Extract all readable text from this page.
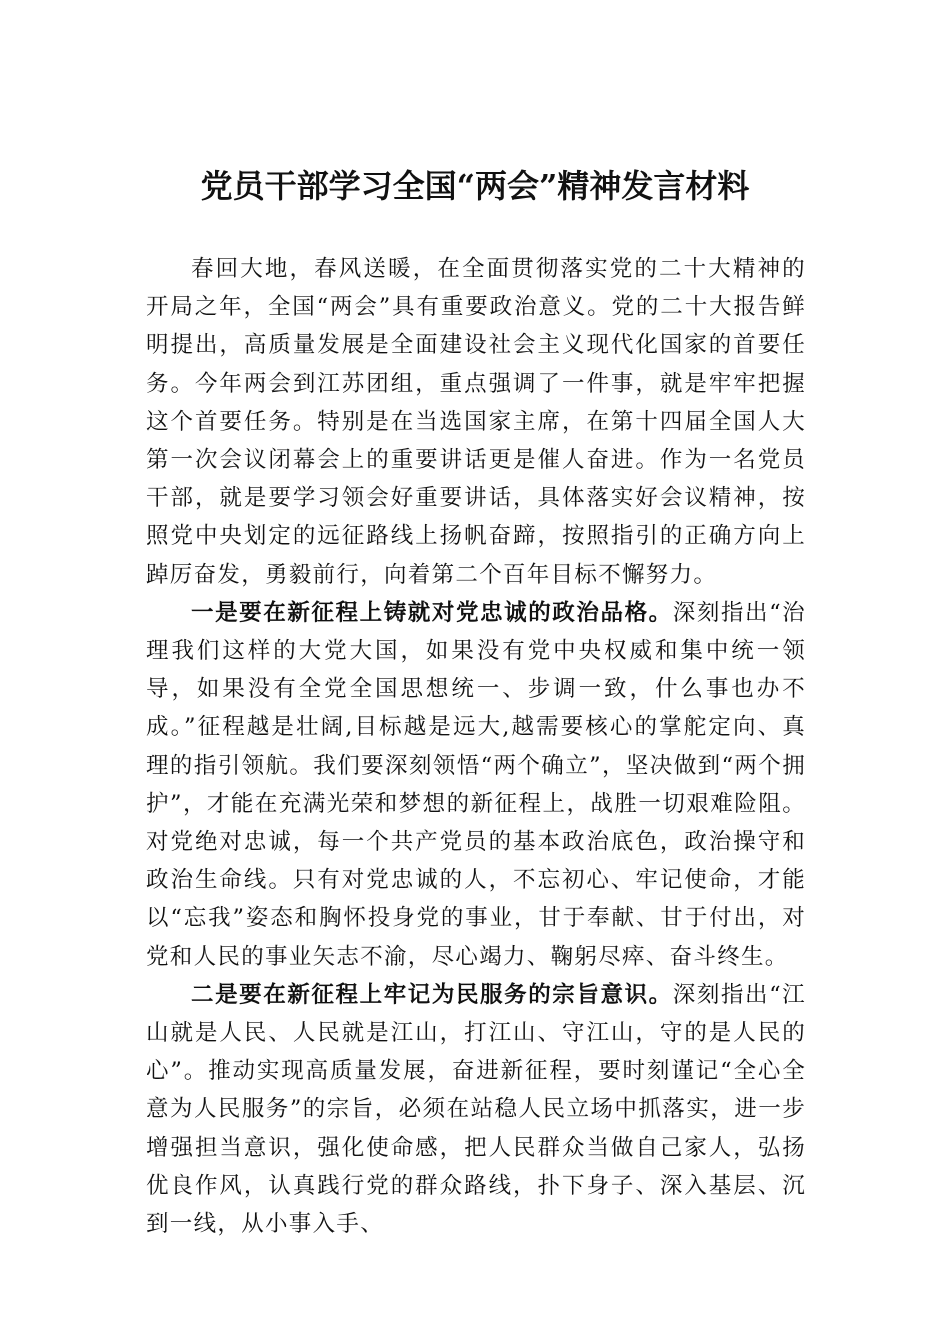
党员干部学习全国“两会”精神发言材料

春回大地，春风送暖，在全面贯彻落实党的二十大精神的开局之年，全国“两会”具有重要政治意义。党的二十大报告鲜明提出，高质量发展是全面建设社会主义现代化国家的首要任务。今年两会到江苏团组，重点强调了一件事，就是牢牢把握这个首要任务。特别是在当选国家主席，在第十四届全国人大第一次会议闭幕会上的重要讲话更是催人奋进。作为一名党员干部，就是要学习领会好重要讲话，具体落实好会议精神，按照党中央划定的远征路线上扬帆奋蹄，按照指引的正确方向上踔厉奋发，勇毅前行，向着第二个百年目标不懈努力。

一是要在新征程上铸就对党忠诚的政治品格。深刻指出“治理我们这样的大党大国，如果没有党中央权威和集中统一领导，如果没有全党全国思想统一、步调一致，什么事也办不成。”征程越是壮阔,目标越是远大,越需要核心的掌舵定向、真理的指引领航。我们要深刻领悟“两个确立”，坚决做到“两个拥护”，才能在充满光荣和梦想的新征程上，战胜一切艰难险阻。对党绝对忠诚，每一个共产党员的基本政治底色，政治操守和政治生命线。只有对党忠诚的人，不忘初心、牢记使命，才能以“忘我”姿态和胸怀投身党的事业，甘于奉献、甘于付出，对党和人民的事业矢志不渝，尽心竭力、鞠躬尽瘁、奋斗终生。

二是要在新征程上牢记为民服务的宗旨意识。深刻指出“江山就是人民、人民就是江山，打江山、守江山，守的是人民的心”。推动实现高质量发展，奋进新征程，要时刻谨记“全心全意为人民服务”的宗旨，必须在站稳人民立场中抓落实，进一步增强担当意识，强化使命感，把人民群众当做自己家人，弘扬优良作风，认真践行党的群众路线，扑下身子、深入基层、沉到一线，从小事入手、
